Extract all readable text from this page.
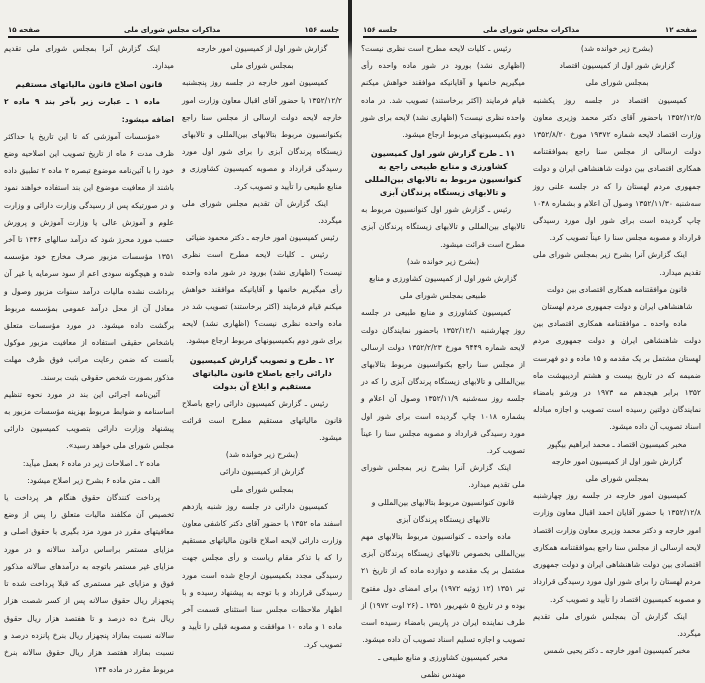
جلسه ۱۵۶
مذاکرات مجلس شورای ملی
صفحه ۱۵

گزارش شور اول از کمیسیون امور خارجه

بمجلس شورای ملی

کمیسیون امور خارجه در جلسه روز پنجشنبه ۱۳۵۲/۱۲/۲ با حضور آقای اقبال معاون وزارت امور خارجه لایحه دولت ارسالی از مجلس سنا راجع بکنوانسیون مربوط بتالابهای بین‌المللی و تالابهای زیستگاه پرندگان آبزی را برای شور اول مورد رسیدگی قرارداد و مصوبه کمیسیون کشاورزی و منابع طبیعی را تأیید و تصویب کرد.

اینک گزارش آن تقدیم مجلس شورای ملی میگردد.

رئیس کمیسیون امور خارجه ـ دکتر محمود ضیائی

رئیس ـ کلیات لایحه مطرح است نظری نیست؟ (اظهاری نشد) بورود در شور ماده واحده رأی میگیریم خانمها و آقایانیکه موافقند خواهش میکنم قیام فرمایند (اکثر برخاستند) تصویب شد در ماده واحده نظری نیست؟ (اظهاری نشد) لایحه برای شور دوم بکمیسیونهای مربوط ارجاع میشود.

۱۲ ـ طرح و تصویب گزارش کمیسیون دارائی راجع باصلاح قانون مالیاتهای مستقیم و ابلاغ آن بدولت

رئیس ـ گزارش کمیسیون دارائی راجع باصلاح قانون مالیاتهای مستقیم مطرح است قرائت میشود.

(بشرح زیر خوانده شد)

گزارش از کمیسیون دارائی

بمجلس شورای ملی

کمیسیون دارائی در جلسه روز شنبه یازدهم اسفند ماه ۱۳۵۲ با حضور آقای دکتر کاشفی معاون وزارت دارائی لایحه اصلاح قانون مالیاتهای مستقیم را که با تذکر مقام ریاست و رأی مجلس جهت رسیدگی مجدد بکمیسیون ارجاع شده است مورد رسیدگی قرارداد و با توجه به پیشنهاد رسیده و با اظهار ملاحظات مجلس سنا استثنای قسمت آخر ماده ۱ و ماده ۱۰ موافقت و مصوبه قبلی را تأیید و تصویب کرد.

اینک گزارش آنرا بمجلس شورای ملی تقدیم میدارد.

قانون اصلاح قانون مالیاتهای مستقیم

ماده ۱ ـ عبارت زیر بآخر بند ۹ ماده ۲ اضافه میشود:

«مؤسسات آموزشی که تا این تاریخ یا حداکثر ظرف مدت ۶ ماه از تاریخ تصویب این اصلاحیه وضع خود را با آئین‌نامه موضوع تبصره ۲ ماده ۲ تطبیق داده باشند از معافیت موضوع این بند استفاده خواهند نمود و در صورتیکه پس از رسیدگی وزارت دارائی و وزارت علوم و آموزش عالی یا وزارت آموزش و پرورش حسب مورد محرز شود که درآمد سالهای ۱۳۴۶ تا آخر ۱۳۵۱ مؤسسات مزبور صرف مخارج خود مؤسسه شده و هیچگونه سودی اعم از سود سرمایه یا غیر آن برداشت نشده مالیات درآمد سنوات مزبور وصول و معادل آن از محل درآمد عمومی بمؤسسه مربوط برگشت داده میشود. در مورد مؤسسات متعلق باشخاص حقیقی استفاده از معافیت مزبور موکول بآنست که ضمن رعایت مراتب فوق ظرف مهلت مذکور بصورت شخص حقوقی بثبت برسند.

آئین‌نامه اجرائی این بند در مورد نحوه تنظیم اساسنامه و ضوابط مربوط بهزینه مؤسسات مزبور به پیشنهاد وزارت دارائی بتصویب کمیسیون دارائی مجلس شورای ملی خواهد رسید».

ماده ۲ ـ اصلاحات زیر در ماده ۶ بعمل میآید:

الف ـ متن ماده ۶ بشرح زیر اصلاح میشود:

پرداخت کنندگان حقوق هنگام هر پرداخت یا تخصیص آن مکلفند مالیات متعلق را پس از وضع معافیتهای مقرر در مورد مزد بگیری با حقوق اصلی و مزایای مستمر براساس درآمد سالانه و در مورد مزایای غیر مستمر باتوجه به درآمدهای سالانه مذکور فوق و مزایای غیر مستمری که قبلا پرداخت شده تا پنجهزار ریال حقوق سالانه پس از کسر شصت هزار ریال بنرخ ده درصد و تا هفتصد هزار ریال حقوق سالانه نسبت بمازاد پنجهزار ریال بنرخ پانزده درصد و نسبت بمازاد هفتصد هزار ریال حقوق سالانه بنرخ مربوط مقرر در ماده ۱۳۴

صفحه ۱۲
مذاکرات مجلس شورای ملی
جلسه ۱۵۶

(بشرح زیر خوانده شد)

گزارش شور اول از کمیسیون اقتصاد

بمجلس شورای ملی

کمیسیون اقتصاد در جلسه روز یکشنبه ۱۳۵۲/۱۲/۵ باحضور آقای دکتر محمد وزیری معاون وزارت اقتصاد لایحه شماره ۱۹۳۷۲ مورخ ۱۳۵۲/۸/۲۰ دولت ارسالی از مجلس سنا راجع بموافقتنامه همکاری اقتصادی بین دولت شاهنشاهی ایران و دولت جمهوری مردم لهستان را که در جلسه علنی روز سه‌شنبه ۱۳۵۲/۱۱/۳۰ وصول آن اعلام و بشماره ۱۰۴۸ چاپ گردیده است برای شور اول مورد رسیدگی قرارداد و مصوبه مجلس سنا را عیناً تصویب کرد.

اینک گزارش آنرا بشرح زیر بمجلس شورای ملی تقدیم میدارد.

قانون موافقتنامه همکاری اقتصادی بین دولت شاهنشاهی ایران و دولت جمهوری مردم لهستان

ماده واحده ـ موافقتنامه همکاری اقتصادی بین دولت شاهنشاهی ایران و دولت جمهوری مردم لهستان مشتمل بر یک مقدمه و ۱۵ ماده و دو فهرست ضمیمه که در تاریخ بیست و هشتم اردیبهشت ماه ۱۳۵۲ برابر هیجدهم مه ۱۹۷۳ در ورشو بامضاء نمایندگان دولتین رسیده است تصویب و اجازه مبادله اسناد تصویب آن داده میشود.

مخبر کمیسیون اقتصاد ـ محمد ابراهیم بیگپور

گزارش شور اول از کمیسیون امور خارجه

بمجلس شورای ملی

کمیسیون امور خارجه در جلسه روز چهارشنبه ۱۳۵۲/۱۲/۸ با حضور آقایان احمد اقبال معاون وزارت امور خارجه و دکتر محمد وزیری معاون وزارت اقتصاد لایحه ارسالی از مجلس سنا راجع بموافقتنامه همکاری اقتصادی بین دولت شاهنشاهی ایران و دولت جمهوری مردم لهستان را برای شور اول مورد رسیدگی قرارداد و مصوبه کمیسیون اقتصاد را تأیید و تصویب کرد.

اینک گزارش آن بمجلس شورای ملی تقدیم میگردد.

مخبر کمیسیون امور خارجه ـ دکتر یحیی شمس

رئیس ـ کلیات لایحه مطرح است نظری نیست؟ (اظهاری نشد) بورود در شور ماده واحده رأی میگیریم خانمها و آقایانیکه موافقند خواهش میکنم قیام فرمایند (اکثر برخاستند) تصویب شد. در ماده واحده نظری نیست؟ (اظهاری نشد) لایحه برای شور دوم بکمیسیونهای مربوط ارجاع میشود.

۱۱ ـ طرح گزارش شور اول کمیسیون کشاورزی و منابع طبیعی راجع به کنوانسیون مربوط به تالابهای بین‌المللی و تالابهای زیستگاه پرندگان آبزی

رئیس ـ گزارش شور اول کنوانسیون مربوط به تالابهای بین‌المللی و تالابهای زیستگاه پرندگان آبزی مطرح است قرائت میشود.

(بشرح زیر خوانده شد)

گزارش شور اول از کمیسیون کشاورزی و منابع طبیعی بمجلس شورای ملی

کمیسیون کشاورزی و منابع طبیعی در جلسه روز چهارشنبه ۱۳۵۲/۱۲/۱ باحضور نمایندگان دولت لایحه شماره ۹۴۴۹ مورخ ۱۳۵۲/۲/۲۳ دولت ارسالی از مجلس سنا راجع بکنوانسیون مربوط بتالابهای بین‌المللی و تالابهای زیستگاه پرندگان آبزی را که در جلسه روز سه‌شنبه ۱۳۵۲/۱۱/۹ وصول آن اعلام و بشماره ۱۰۱۸ چاپ گردیده است برای شور اول مورد رسیدگی قرارداد و مصوبه مجلس سنا را عیناً تصویب کرد.

اینک گزارش آنرا بشرح زیر بمجلس شورای ملی تقدیم میدارد.

قانون کنوانسیون مربوط بتالابهای بین‌المللی و تالابهای زیستگاه پرندگان آبزی

ماده واحده ـ کنوانسیون مربوط بتالابهای مهم بین‌المللی بخصوص تالابهای زیستگاه پرندگان آبزی مشتمل بر یک مقدمه و دوازده ماده که از تاریخ ۲۱ تیر ۱۳۵۱ (۱۲ ژوئیه ۱۹۷۲) برای امضای دول مفتوح بوده و در تاریخ ۵ شهریور ۱۳۵۱ ـ (۲۶ اوت ۱۹۷۲) از طرف نماینده ایران در پاریس بامضاء رسیده است تصویب و اجازه تسلیم اسناد تصویب آن داده میشود.

مخبر کمیسیون کشاورزی و منابع طبیعی ـ

مهندس نظمی
